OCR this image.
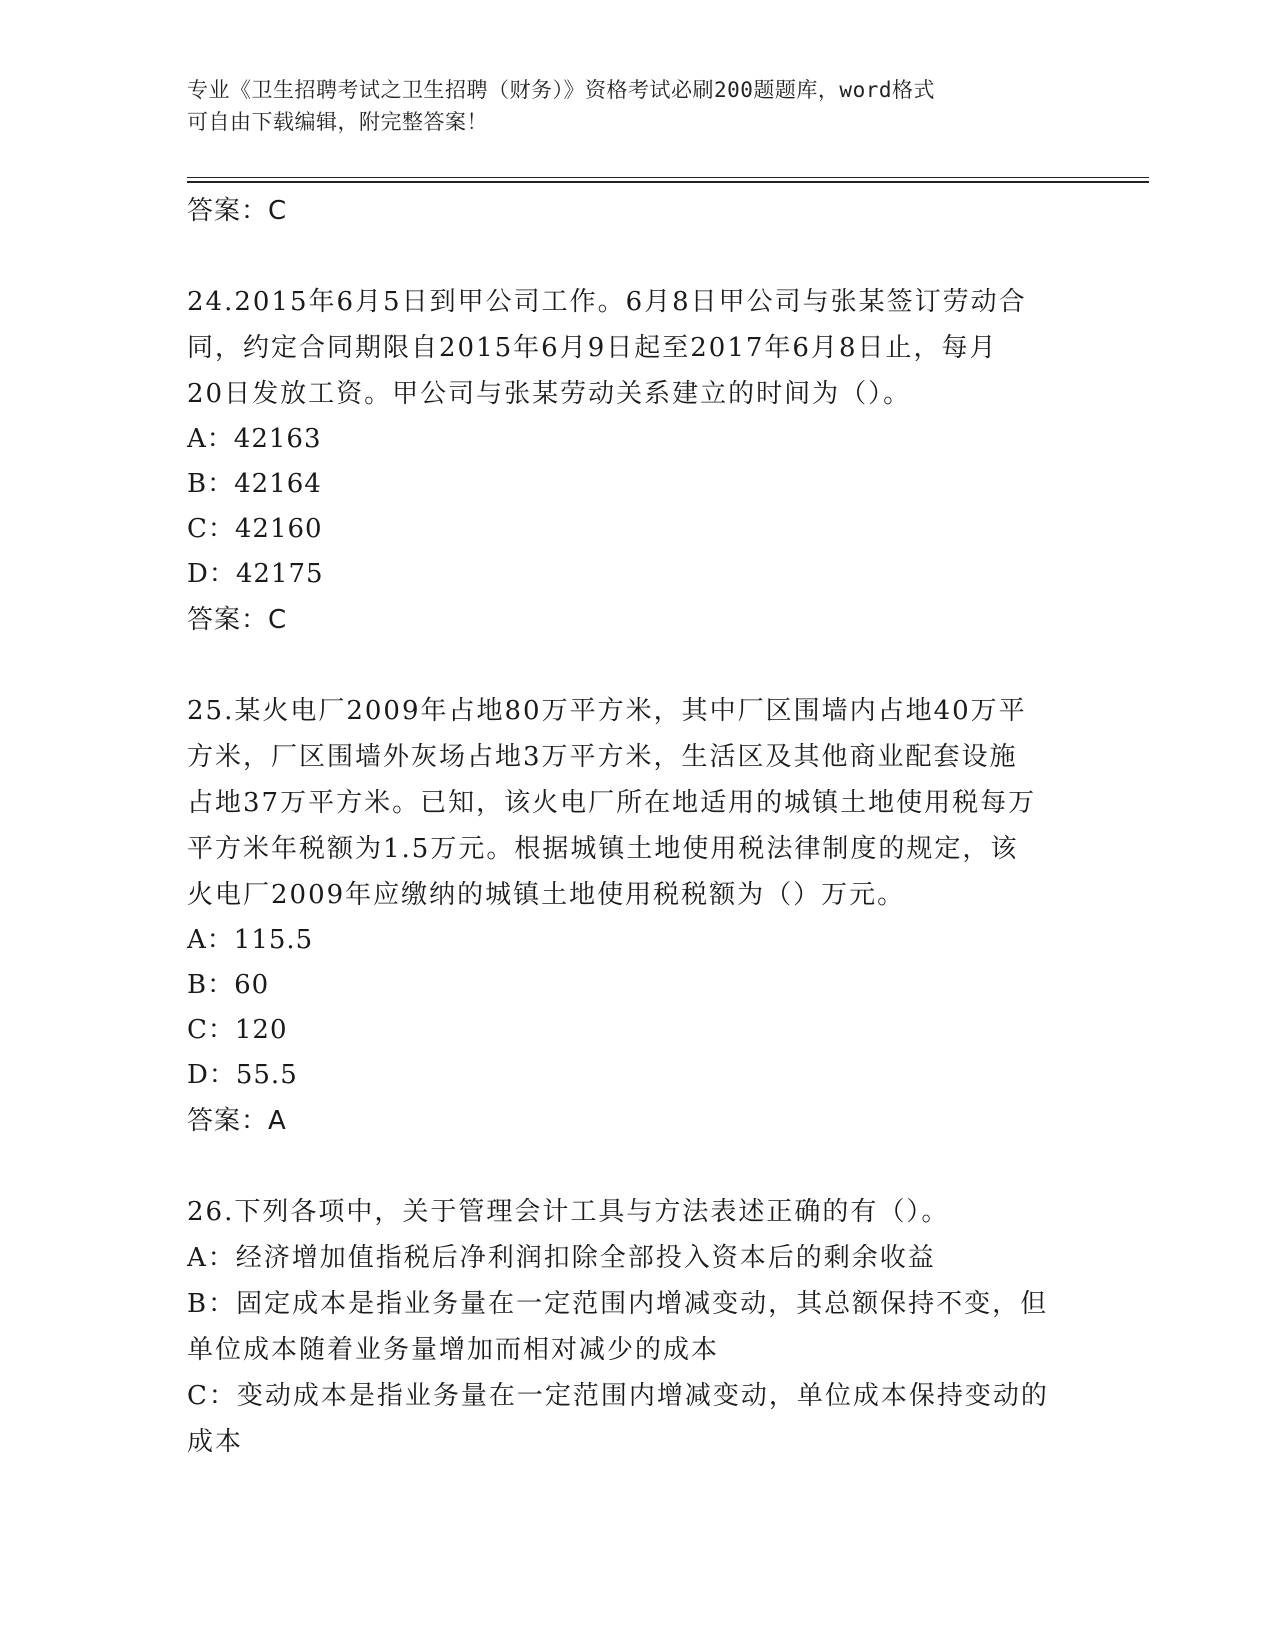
专业《卫生招聘考试之卫生招聘（财务）》资格考试必刷200题题库，word格式
可自由下载编辑，附完整答案！
答案：C
24.2015年6月5日到甲公司工作。6月8日甲公司与张某签订劳动合
同，约定合同期限自2015年6月9日起至2017年6月8日止，每月
20日发放工资。甲公司与张某劳动关系建立的时间为（）。
A：42163
B：42164
C：42160
D：42175
答案：C
25.某火电厂2009年占地80万平方米，其中厂区围墙内占地40万平
方米，厂区围墙外灰场占地3万平方米，生活区及其他商业配套设施
占地37万平方米。已知，该火电厂所在地适用的城镇土地使用税每万
平方米年税额为1.5万元。根据城镇土地使用税法律制度的规定，该
火电厂2009年应缴纳的城镇土地使用税税额为（）万元。
A：115.5
B：60
C：120
D：55.5
答案：A
26.下列各项中，关于管理会计工具与方法表述正确的有（）。
A：经济增加值指税后净利润扣除全部投入资本后的剩余收益
B：固定成本是指业务量在一定范围内增减变动，其总额保持不变，但
单位成本随着业务量增加而相对减少的成本
C：变动成本是指业务量在一定范围内增减变动，单位成本保持变动的
成本
